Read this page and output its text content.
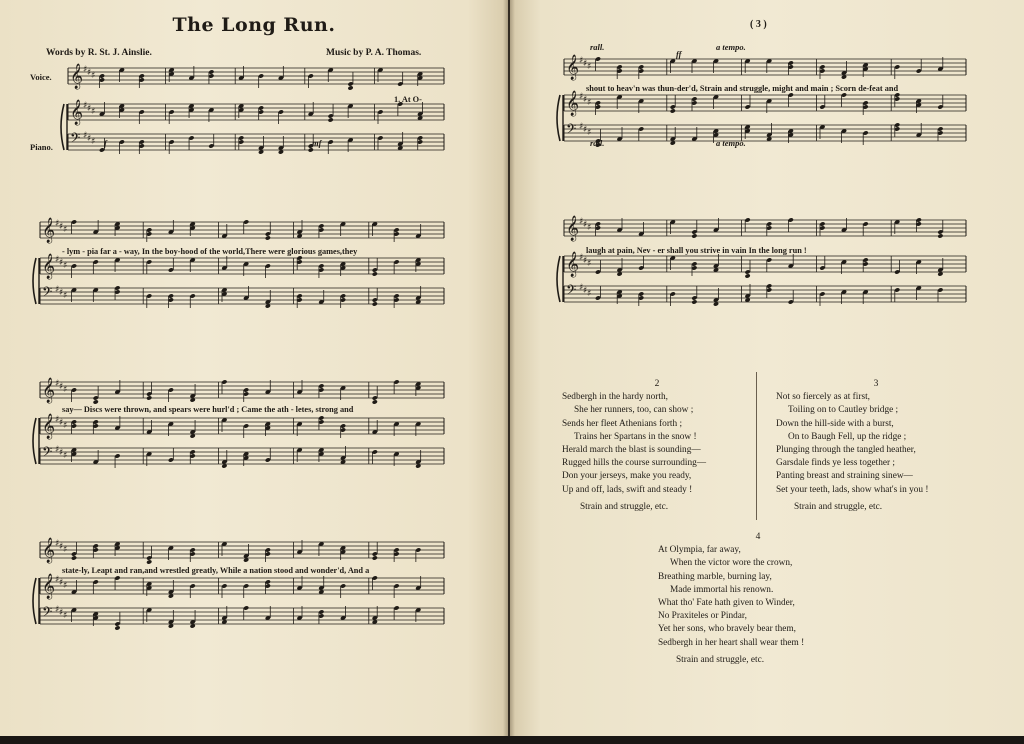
𝄞 ♯ ♯ ♯
𝄞 ♯ ♯ ♯
𝄢 ♯ ♯ ♯
𝄞 ♯ ♯ ♯
𝄞 ♯ ♯ ♯
𝄢 ♯ ♯ ♯
𝄞 ♯ ♯ ♯
𝄞 ♯ ♯ ♯
𝄢 ♯ ♯ ♯
𝄞 ♯ ♯ ♯
𝄞 ♯ ♯ ♯
𝄢 ♯ ♯ ♯
𝄞 ♯ ♯ ♯
𝄞 ♯ ♯ ♯
𝄢 ♯ ♯ ♯
𝄞 ♯ ♯ ♯
𝄞 ♯ ♯ ♯
𝄢 ♯ ♯ ♯
rall.	a tempo.
ff
rall.	a tempo.
f	mf
The Long Run.
Words by R. St. J. Ainslie.	Music by P. A. Thomas.
Voice.
Piano.
( 3 )
1. At O-
- lym - pia far a - way, In the boy-hood of the world,There were glorious games,they
say— Discs were thrown, and spears were hurl'd ; Came the ath - letes, strong and
state-ly, Leapt and ran,and wrestled greatly, While a nation stood and wonder'd, And a
shout to heav'n was thun-der'd, Strain and struggle, might and main ; Scorn de-feat and
laugh at pain, Nev - er shall you strive in vain In the long run !
2
Sedbergh in the hardy north,
She her runners, too, can show ;
Sends her fleet Athenians forth ;
Trains her Spartans in the snow !
Herald march the blast is sounding—
Rugged hills the course surrounding—
Don your jerseys, make you ready,
Up and off, lads, swift and steady !
Strain and struggle, etc.
3
Not so fiercely as at first,
Toiling on to Cautley bridge ;
Down the hill-side with a burst,
On to Baugh Fell, up the ridge ;
Plunging through the tangled heather,
Garsdale finds ye less together ;
Panting breast and straining sinew—
Set your teeth, lads, show what's in you !
Strain and struggle, etc.
4
At Olympia, far away,
When the victor wore the crown,
Breathing marble, burning lay,
Made immortal his renown.
What tho' Fate hath given to Winder,
No Praxiteles or Pindar,
Yet her sons, who bravely bear them,
Sedbergh in her heart shall wear them !
Strain and struggle, etc.
